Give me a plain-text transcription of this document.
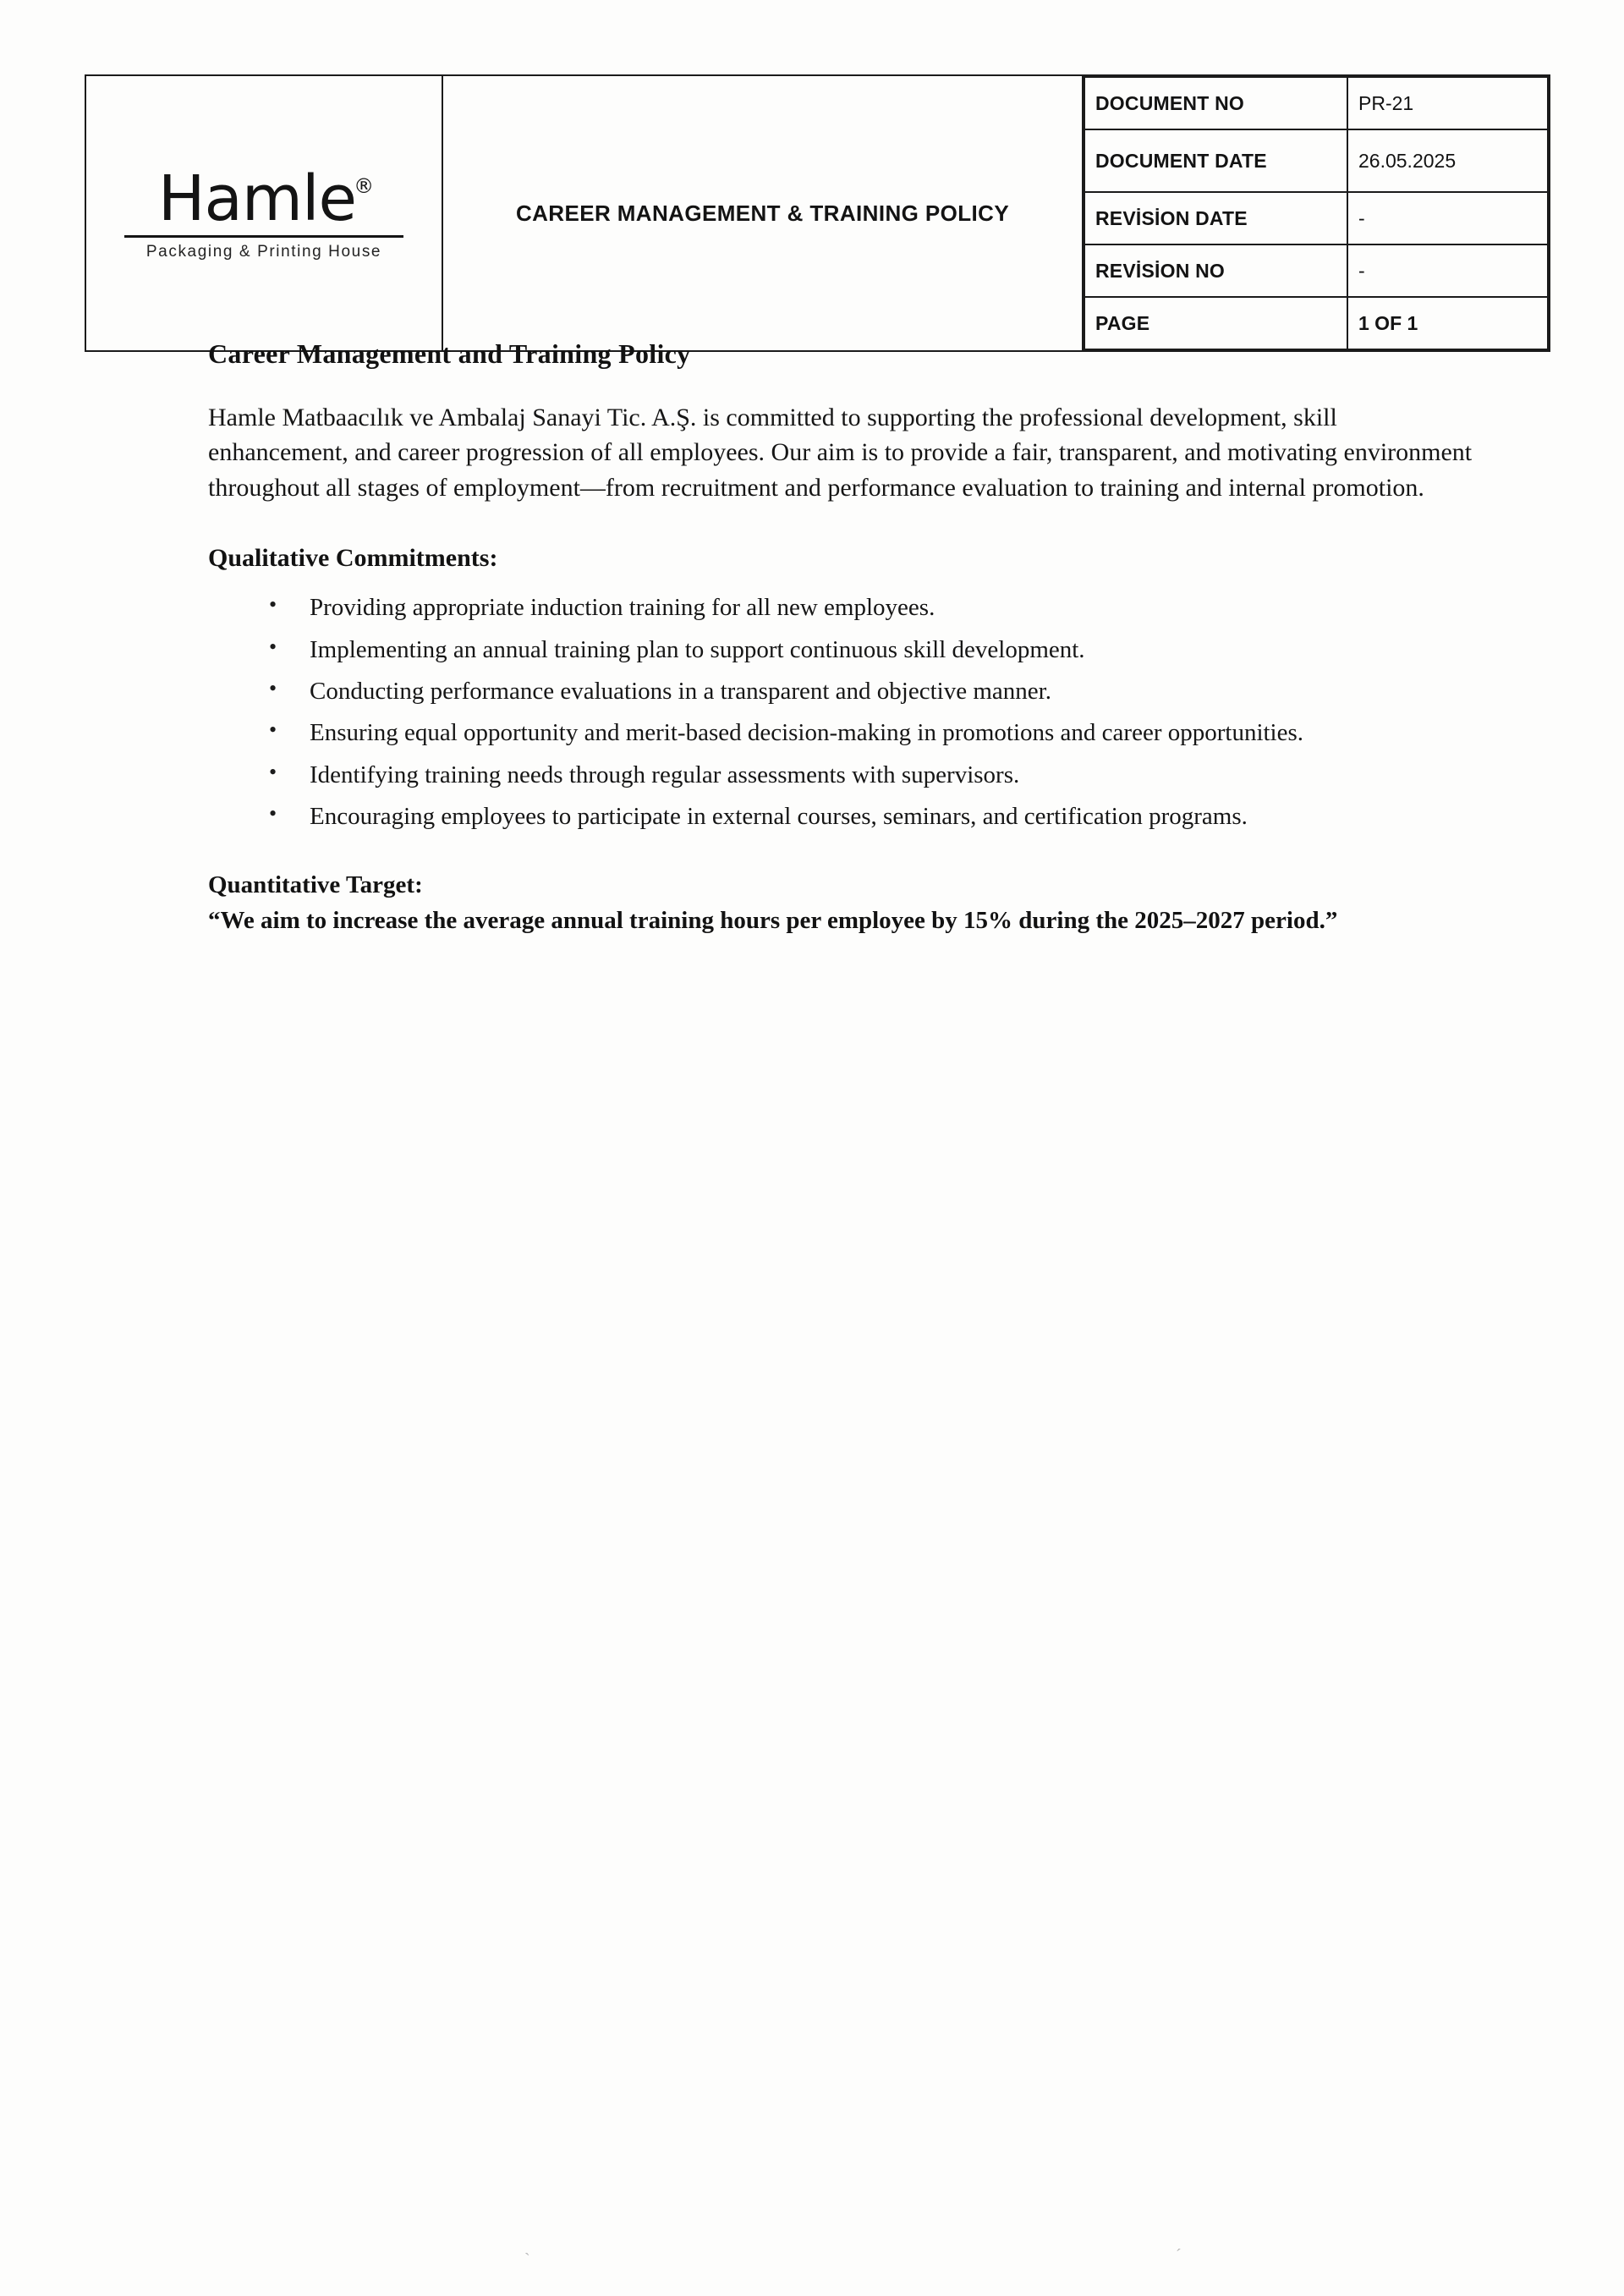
Hamle
®
Packaging & Printing House
	CAREER MANAGEMENT & TRAINING POLICY	
DOCUMENT NO	PR-21
DOCUMENT DATE	26.05.2025
REVİSİON DATE	-
REVİSİON NO	-
PAGE	1 OF 1
Career Management and Training Policy

Hamle Matbaacılık ve Ambalaj Sanayi Tic. A.Ş. is committed to supporting the professional development, skill enhancement, and career progression of all employees. Our aim is to provide a fair, transparent, and motivating environment throughout all stages of employment—from recruitment and performance evaluation to training and internal promotion.

Qualitative Commitments:
• Providing appropriate induction training for all new employees.
• Implementing an annual training plan to support continuous skill development.
• Conducting performance evaluations in a transparent and objective manner.
• Ensuring equal opportunity and merit-based decision-making in promotions and career opportunities.
• Identifying training needs through regular assessments with supervisors.
• Encouraging employees to participate in external courses, seminars, and certification programs.
Quantitative Target:

“We aim to increase the average annual training hours per employee by 15% during the 2025–2027 period.”

`	´
